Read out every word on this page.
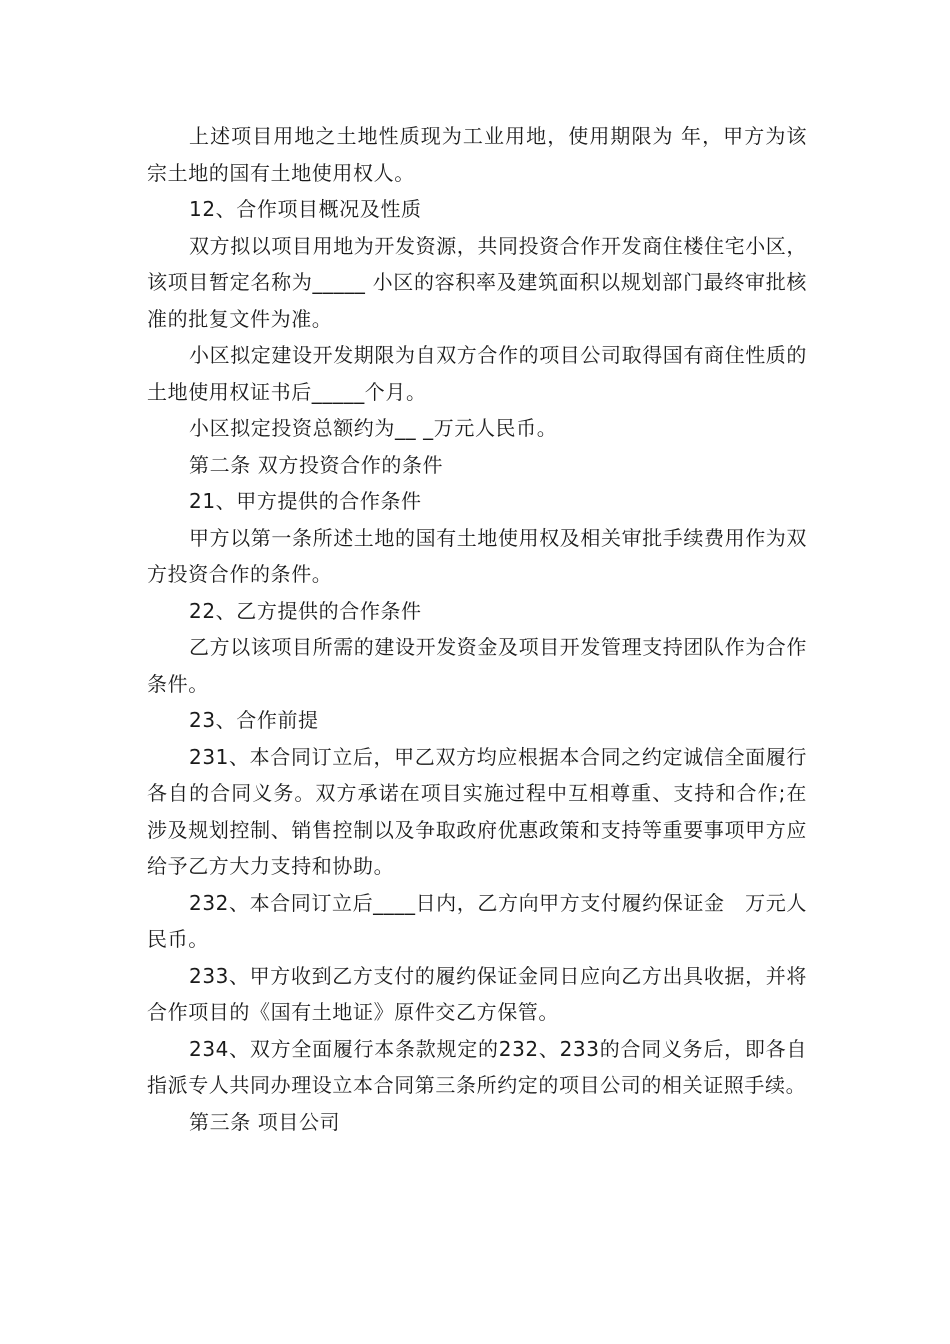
上述项目用地之土地性质现为工业用地，使用期限为 年，甲方为该宗土地的国有土地使用权人。

12、合作项目概况及性质

双方拟以项目用地为开发资源，共同投资合作开发商住楼住宅小区，该项目暂定名称为_____ 小区的容积率及建筑面积以规划部门最终审批核准的批复文件为准。

小区拟定建设开发期限为自双方合作的项目公司取得国有商住性质的土地使用权证书后_____个月。

小区拟定投资总额约为__ _万元人民币。

第二条 双方投资合作的条件

21、甲方提供的合作条件

甲方以第一条所述土地的国有土地使用权及相关审批手续费用作为双方投资合作的条件。

22、乙方提供的合作条件

乙方以该项目所需的建设开发资金及项目开发管理支持团队作为合作条件。

23、合作前提

231、本合同订立后，甲乙双方均应根据本合同之约定诚信全面履行各自的合同义务。双方承诺在项目实施过程中互相尊重、支持和合作;在涉及规划控制、销售控制以及争取政府优惠政策和支持等重要事项甲方应给予乙方大力支持和协助。

232、本合同订立后____日内，乙方向甲方支付履约保证金　万元人民币。

233、甲方收到乙方支付的履约保证金同日应向乙方出具收据，并将合作项目的《国有土地证》原件交乙方保管。

234、双方全面履行本条款规定的232、233的合同义务后，即各自指派专人共同办理设立本合同第三条所约定的项目公司的相关证照手续。

第三条 项目公司
